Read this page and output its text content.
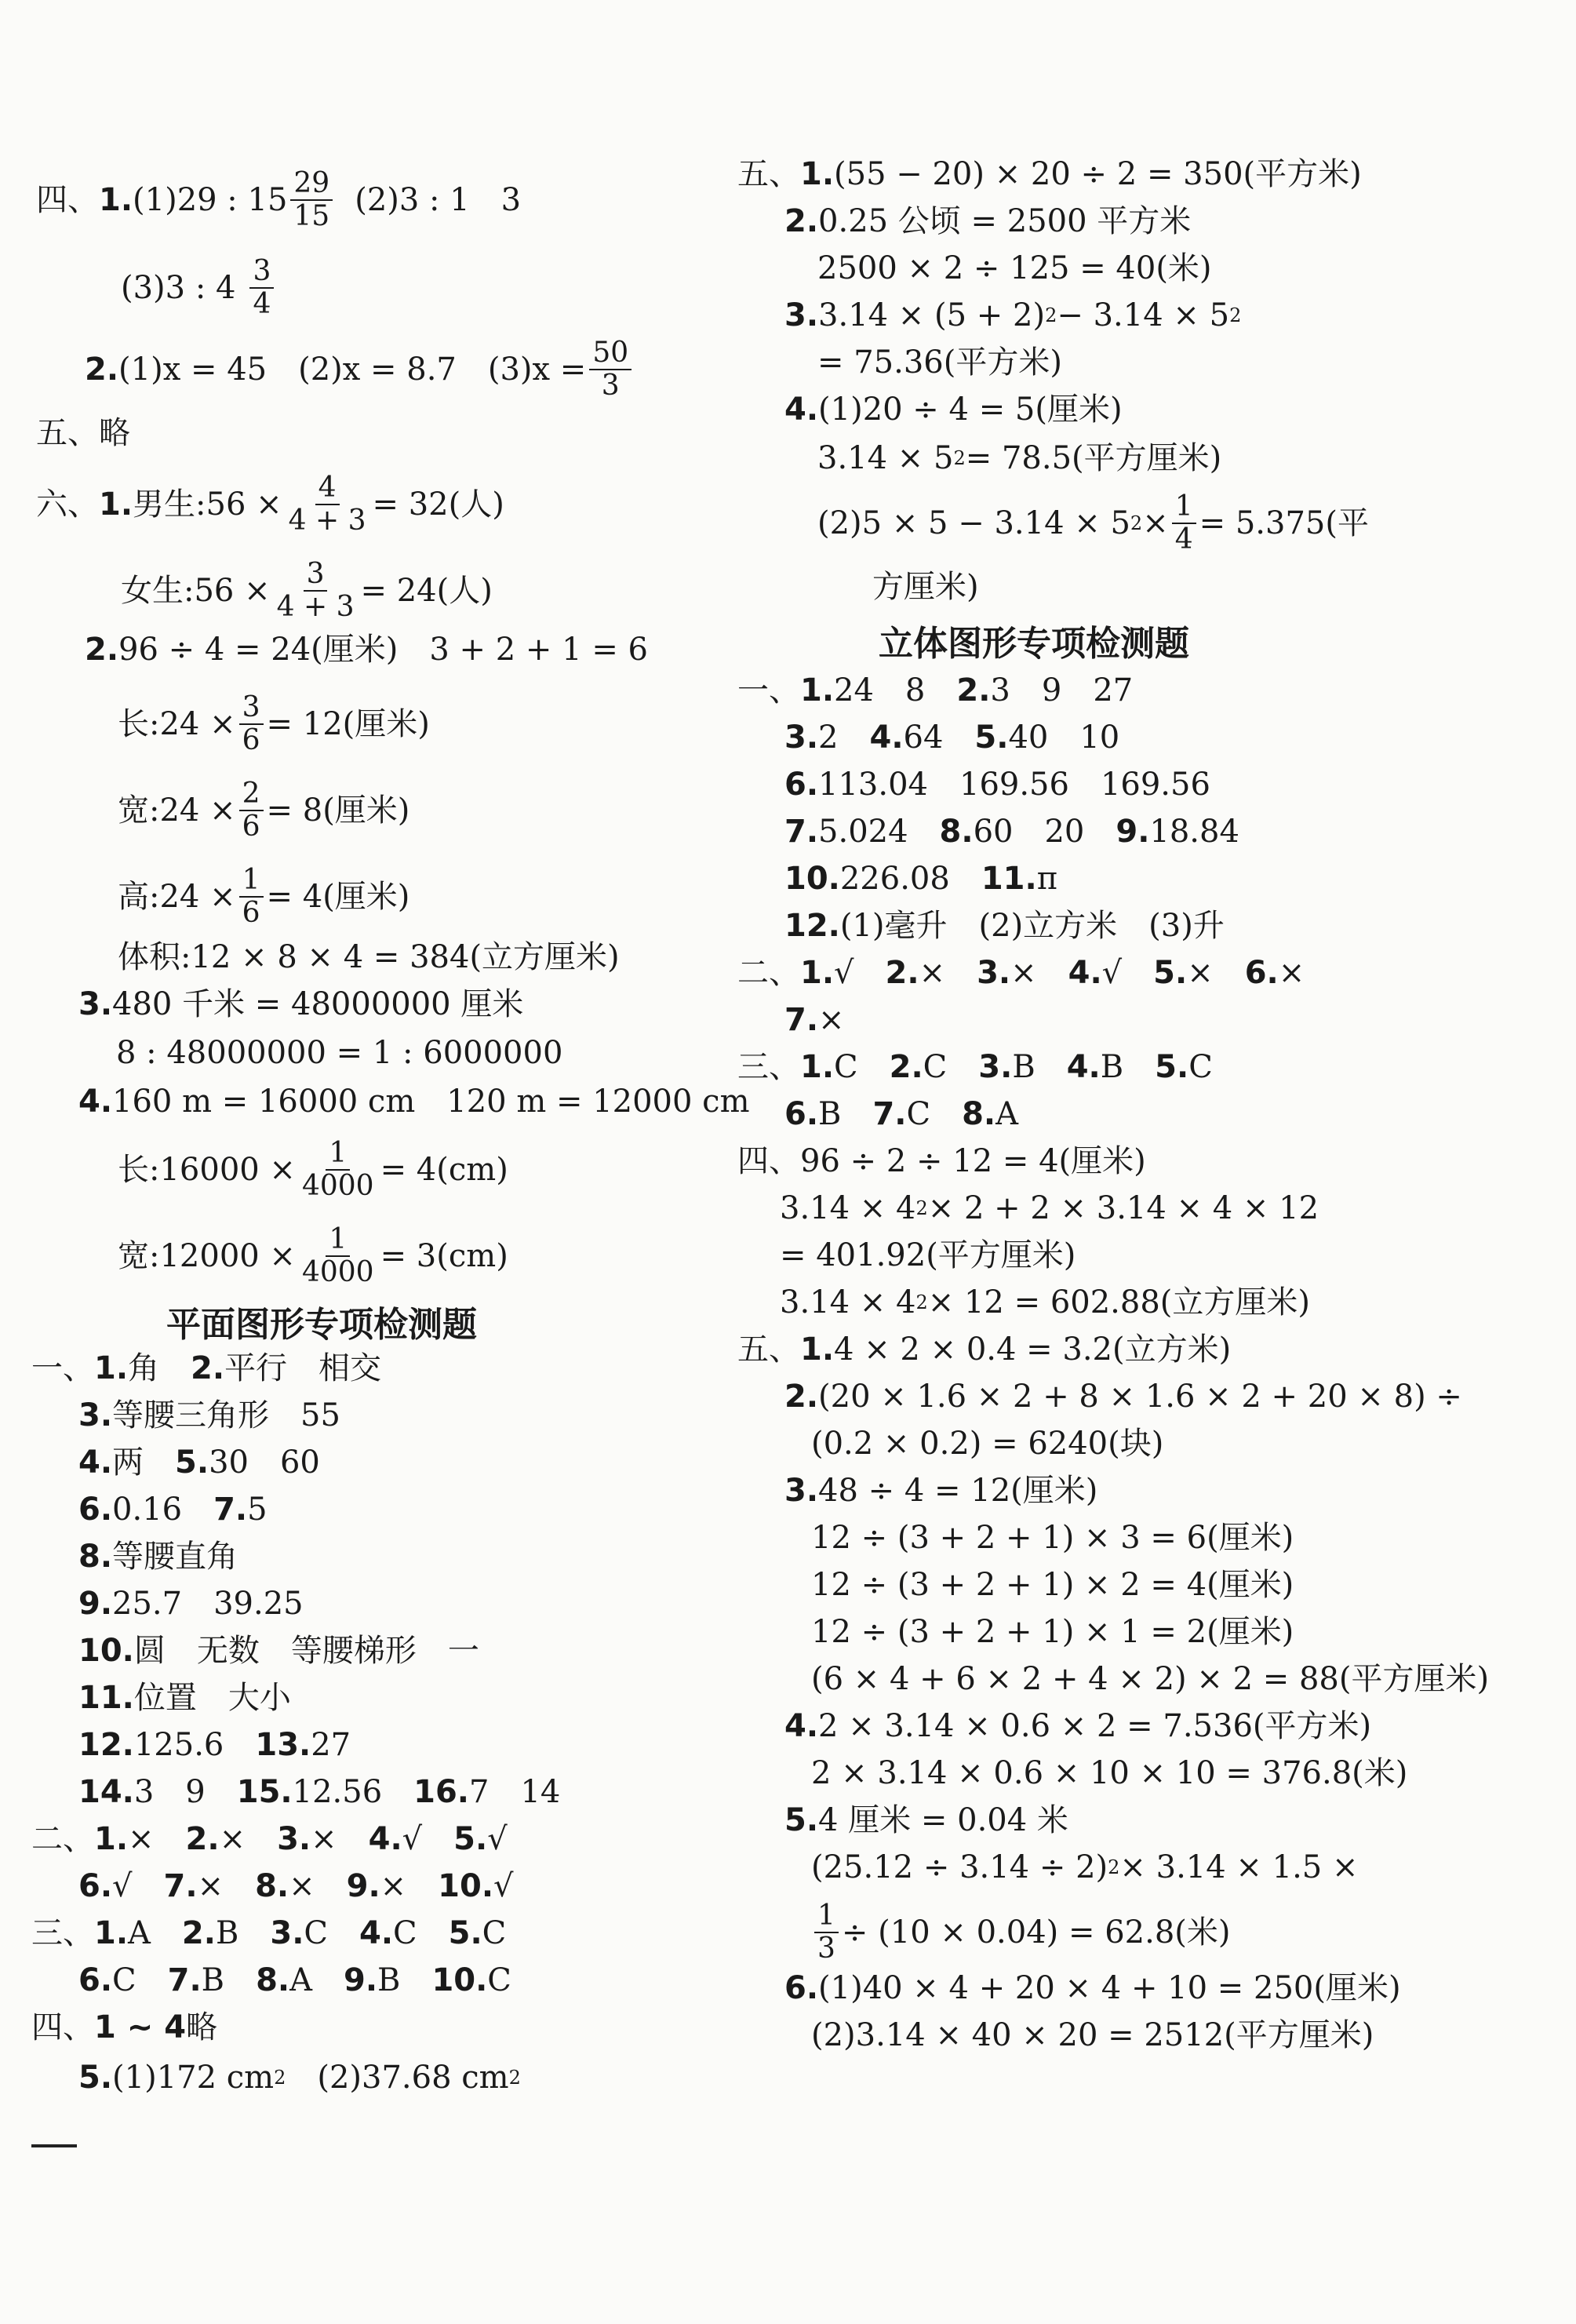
四、 1. (1)29 : $15 \frac{29}{15} (2)3$ : 1　3
(3)3 : $4 \frac{3}{4}$
2. (1)x = 45　(2)x = 8.7　$(3)x = \frac{50}{3}$
五、略
六、 1. 男生:56 × $\frac{4}{4 + 3} = 32$(人)
女生:56 × $\frac{3}{4 + 3} = 24$(人)
2. 96 ÷ 4 = 24(厘米)　3 + 2 + 1 = 6
长:24 × $\frac{3}{6} = 12$(厘米)
宽:24 × $\frac{2}{6} = 8$(厘米)
高:24 × $\frac{1}{6} = 4$(厘米)
体积:12 × 8 × 4 = 384(立方厘米)
3. 480 千米 = 48000000 厘米
8 : 48000000 = 1 : 6000000
4. 160 m = 16000 cm　120 m = 12000 cm
长:16000 × $\frac{1}{4000} = 4(cm)$
宽:12000 × $\frac{1}{4000} = 3(cm)$
平面图形专项检测题
一、 1. 角　 2. 平行　相交
3. 等腰三角形　55
4. 两　 5. 30　60
6. 0.16　 7. 5
8. 等腰直角
9. 25.7　39.25
10. 圆　无数　等腰梯形　一
11. 位置　大小
12. 125.6　 13. 27
14. 3　9　 15. 12.56　 16. 7　14
二、 1. ×　 2. ×　 3. ×　 4. √　 5. √
6. √　 7. ×　 8. ×　 9. ×　 10. √
三、 1. A　 2. B　 3. C　 4. C　 5. C
6. C　 7. B　 8. A　 9. B　 10. C
四、 1 ~ 4 略
5. (1)172 cm 2 　(2)37.68 cm 2
五、 1. (55 − 20) × 20 ÷ 2 = 350(平方米)
2. 0.25 公顷 = 2500 平方米
2500 × 2 ÷ 125 = 40(米)
3. 3.14 × (5 + 2) 2 − 3.14 × 5 2
= 75.36(平方米)
4. (1)20 ÷ 4 = 5(厘米)
3.14 × 5 2 = 78.5(平方厘米)
(2)5 × 5 − 3.14 × 5 $2 \times \frac{1}{4} = 5.375$(平
方厘米)
立体图形专项检测题
一、 1. 24　8　 2. 3　9　27
3. 2　 4. 64　 5. 40　10
6. 113.04　169.56　169.56
7. 5.024　 8. 60　20　 9. 18.84
10. 226.08　 11. π
12. (1)毫升　(2)立方米　(3)升
二、 1. √　 2. ×　 3. ×　 4. √　 5. ×　 6. ×
7. ×
三、 1. C　 2. C　 3. B　 4. B　 5. C
6. B　 7. C　 8. A
四、 96 ÷ 2 ÷ 12 = 4(厘米)
3.14 × 4 2 × 2 + 2 × 3.14 × 4 × 12
= 401.92(平方厘米)
3.14 × 4 2 × 12 = 602.88(立方厘米)
五、 1. 4 × 2 × 0.4 = 3.2(立方米)
2. (20 × 1.6 × 2 + 8 × 1.6 × 2 + 20 × 8) ÷
(0.2 × 0.2) = 6240(块)
3. 48 ÷ 4 = 12(厘米)
12 ÷ (3 + 2 + 1) × 3 = 6(厘米)
12 ÷ (3 + 2 + 1) × 2 = 4(厘米)
12 ÷ (3 + 2 + 1) × 1 = 2(厘米)
(6 × 4 + 6 × 2 + 4 × 2) × 2 = 88(平方厘米)
4. 2 × 3.14 × 0.6 × 2 = 7.536(平方米)
2 × 3.14 × 0.6 × 10 × 10 = 376.8(米)
5. 4 厘米 = 0.04 米
(25.12 ÷ 3.14 ÷ 2) 2 × 3.14 × 1.5 ×
$\frac{1}{3} \div (10 \times 0.04) = 62.8$(米)
6. (1)40 × 4 + 20 × 4 + 10 = 250(厘米)
(2)3.14 × 40 × 20 = 2512(平方厘米)
